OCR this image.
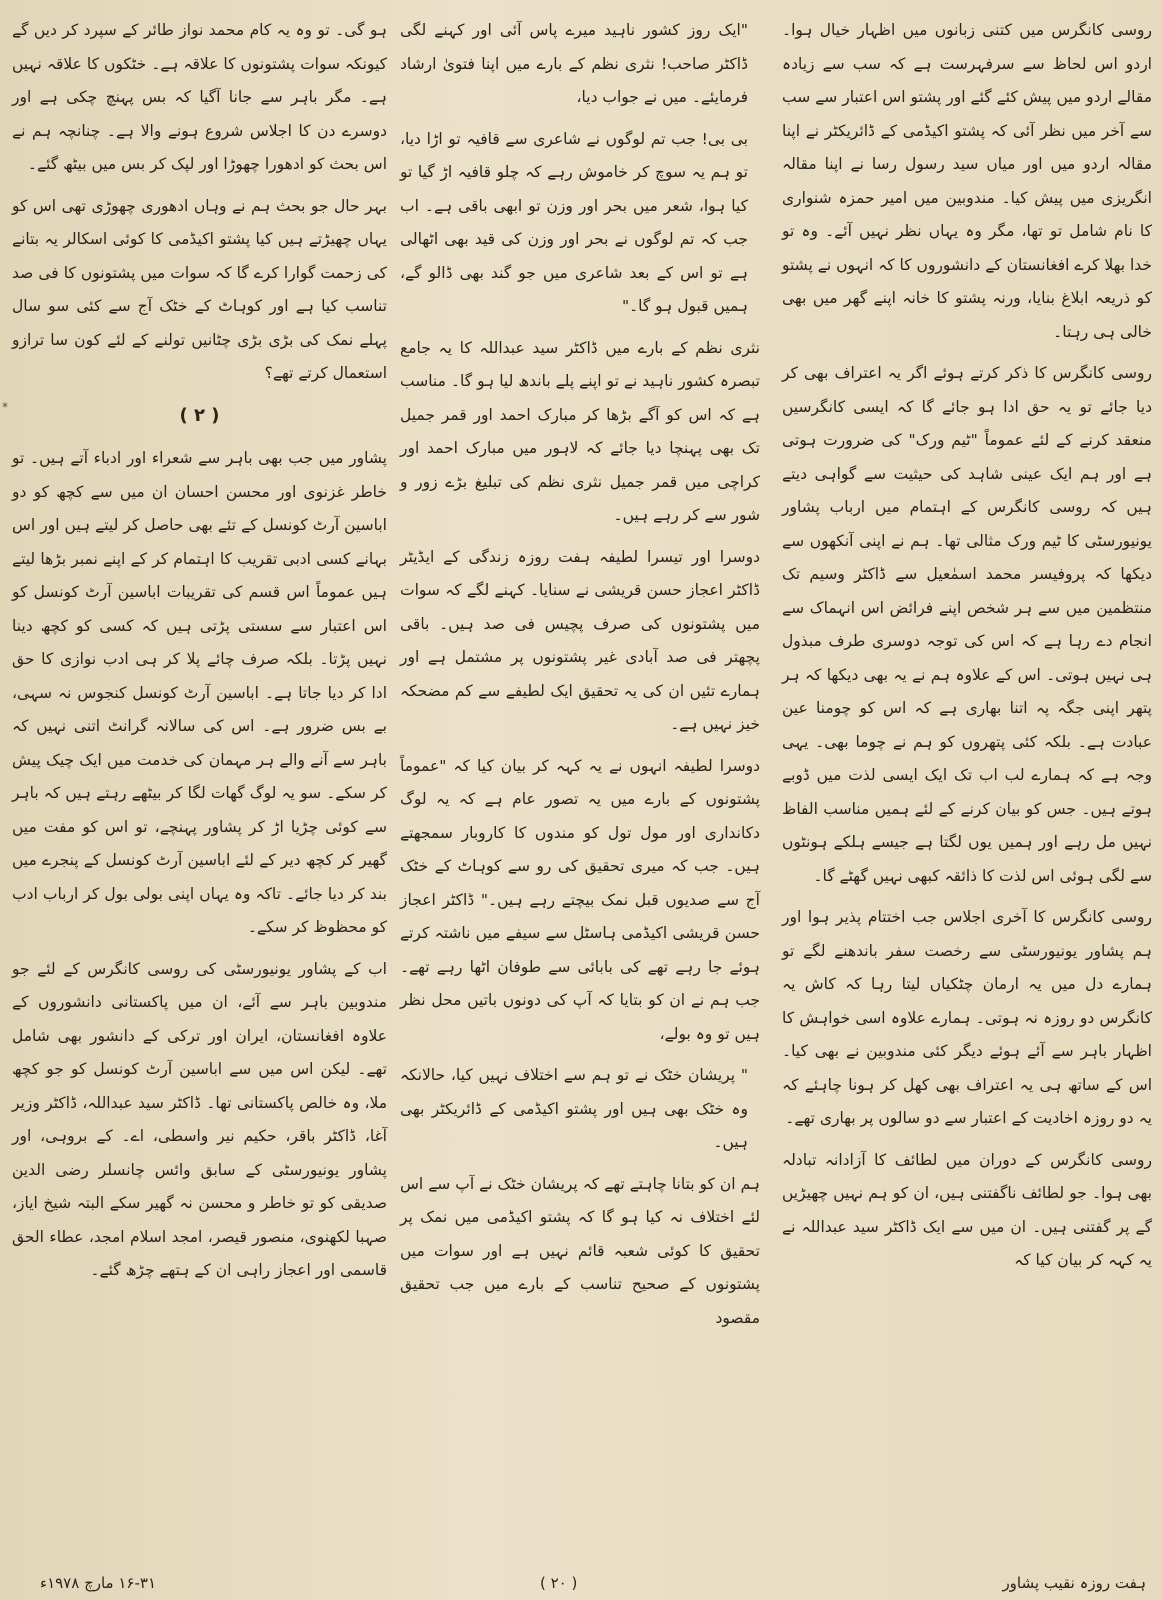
روسی کانگرس میں کتنی زبانوں میں اظہار خیال ہوا۔ اردو اس لحاظ سے سرفہرست ہے کہ سب سے زیادہ مقالے اردو میں پیش کئے گئے اور پشتو اس اعتبار سے سب سے آخر میں نظر آئی کہ پشتو اکیڈمی کے ڈائریکٹر نے اپنا مقالہ اردو میں اور میاں سید رسول رسا نے اپنا مقالہ انگریزی میں پیش کیا۔ مندوبین میں امیر حمزہ شنواری کا نام شامل تو تھا، مگر وہ یہاں نظر نہیں آئے۔ وہ تو خدا بھلا کرے افغانستان کے دانشوروں کا کہ انہوں نے پشتو کو ذریعہ ابلاغ بنایا، ورنہ پشتو کا خانہ اپنے گھر میں بھی خالی ہی رہتا۔

روسی کانگرس کا ذکر کرتے ہوئے اگر یہ اعتراف بھی کر دیا جائے تو یہ حق ادا ہو جائے گا کہ ایسی کانگرسیں منعقد کرنے کے لئے عموماً "ٹیم ورک" کی ضرورت ہوتی ہے اور ہم ایک عینی شاہد کی حیثیت سے گواہی دیتے ہیں کہ روسی کانگرس کے اہتمام میں ارباب پشاور یونیورسٹی کا ٹیم ورک مثالی تھا۔ ہم نے اپنی آنکھوں سے دیکھا کہ پروفیسر محمد اسمٰعیل سے ڈاکٹر وسیم تک منتظمین میں سے ہر شخص اپنے فرائض اس انہماک سے انجام دے رہا ہے کہ اس کی توجہ دوسری طرف مبذول ہی نہیں ہوتی۔ اس کے علاوہ ہم نے یہ بھی دیکھا کہ ہر پتھر اپنی جگہ پہ اتنا بھاری ہے کہ اس کو چومنا عین عبادت ہے۔ بلکہ کئی پتھروں کو ہم نے چوما بھی۔ یہی وجہ ہے کہ ہمارے لب اب تک ایک ایسی لذت میں ڈوبے ہوتے ہیں۔ جس کو بیان کرنے کے لئے ہمیں مناسب الفاظ نہیں مل رہے اور ہمیں یوں لگتا ہے جیسے ہلکے ہونٹوں سے لگی ہوئی اس لذت کا ذائقہ کبھی نہیں گھٹے گا۔

روسی کانگرس کا آخری اجلاس جب اختتام پذیر ہوا اور ہم پشاور یونیورسٹی سے رخصت سفر باندھنے لگے تو ہمارے دل میں یہ ارمان چٹکیاں لیتا رہا کہ کاش یہ کانگرس دو روزہ نہ ہوتی۔ ہمارے علاوہ اسی خواہش کا اظہار باہر سے آئے ہوئے دیگر کئی مندوبین نے بھی کیا۔ اس کے ساتھ ہی یہ اعتراف بھی کھل کر ہونا چاہئے کہ یہ دو روزہ اخادیت کے اعتبار سے دو سالوں پر بھاری تھے۔

روسی کانگرس کے دوران میں لطائف کا آزادانہ تبادلہ بھی ہوا۔ جو لطائف ناگفتنی ہیں، ان کو ہم نہیں چھیڑیں گے پر گفتنی ہیں۔ ان میں سے ایک ڈاکٹر سید عبداللہ نے یہ کہہ کر بیان کیا کہ

"ایک روز کشور ناہید میرے پاس آئی اور کہنے لگی ڈاکٹر صاحب! نثری نظم کے بارے میں اپنا فتویٰ ارشاد فرمایئے۔ میں نے جواب دیا،

بی بی! جب تم لوگوں نے شاعری سے قافیہ تو اڑا دیا، تو ہم یہ سوچ کر خاموش رہے کہ چلو قافیہ اڑ گیا تو کیا ہوا، شعر میں بحر اور وزن تو ابھی باقی ہے۔ اب جب کہ تم لوگوں نے بحر اور وزن کی قید بھی اٹھالی ہے تو اس کے بعد شاعری میں جو گند بھی ڈالو گے، ہمیں قبول ہو گا۔"

نثری نظم کے بارے میں ڈاکٹر سید عبداللہ کا یہ جامع تبصرہ کشور ناہید نے تو اپنے پلے باندھ لیا ہو گا۔ مناسب ہے کہ اس کو آگے بڑھا کر مبارک احمد اور قمر جمیل تک بھی پہنچا دیا جائے کہ لاہور میں مبارک احمد اور کراچی میں قمر جمیل نثری نظم کی تبلیغ بڑے زور و شور سے کر رہے ہیں۔

دوسرا اور تیسرا لطیفہ ہفت روزہ زندگی کے ایڈیٹر ڈاکٹر اعجاز حسن قریشی نے سنایا۔ کہنے لگے کہ سوات میں پشتونوں کی صرف پچیس فی صد ہیں۔ باقی پچھتر فی صد آبادی غیر پشتونوں پر مشتمل ہے اور ہمارے تئیں ان کی یہ تحقیق ایک لطیفے سے کم مضحکہ خیز نہیں ہے۔

دوسرا لطیفہ انہوں نے یہ کہہ کر بیان کیا کہ "عموماً پشتونوں کے بارے میں یہ تصور عام ہے کہ یہ لوگ دکانداری اور مول تول کو مندوں کا کاروبار سمجھتے ہیں۔ جب کہ میری تحقیق کی رو سے کوہاٹ کے خٹک آج سے صدیوں قبل نمک بیچتے رہے ہیں۔" ڈاکٹر اعجاز حسن قریشی اکیڈمی ہاسٹل سے سیفے میں ناشتہ کرتے ہوئے جا رہے تھے کی بابائی سے طوفان اٹھا رہے تھے۔ جب ہم نے ان کو بتایا کہ آپ کی دونوں باتیں محل نظر ہیں تو وہ بولے،

" پریشان خٹک نے تو ہم سے اختلاف نہیں کیا، حالانکہ وہ خٹک بھی ہیں اور پشتو اکیڈمی کے ڈائریکٹر بھی ہیں۔

ہم ان کو بتانا چاہتے تھے کہ پریشان خٹک نے آپ سے اس لئے اختلاف نہ کیا ہو گا کہ پشتو اکیڈمی میں نمک پر تحقیق کا کوئی شعبہ قائم نہیں ہے اور سوات میں پشتونوں کے صحیح تناسب کے بارے میں جب تحقیق مقصود

ہو گی۔ تو وہ یہ کام محمد نواز طائر کے سپرد کر دیں گے کیونکہ سوات پشتونوں کا علاقہ ہے۔ خٹکوں کا علاقہ نہیں ہے۔ مگر باہر سے جانا آگیا کہ بس پہنچ چکی ہے اور دوسرے دن کا اجلاس شروع ہونے والا ہے۔ چنانچہ ہم نے اس بحث کو ادھورا چھوڑا اور لپک کر بس میں بیٹھ گئے۔

بہر حال جو بحث ہم نے وہاں ادھوری چھوڑی تھی اس کو یہاں چھیڑتے ہیں کیا پشتو اکیڈمی کا کوئی اسکالر یہ بتانے کی زحمت گوارا کرے گا کہ سوات میں پشتونوں کا فی صد تناسب کیا ہے اور کوہاٹ کے خٹک آج سے کئی سو سال پہلے نمک کی بڑی بڑی چٹانیں تولنے کے لئے کون سا ترازو استعمال کرتے تھے؟

( ۲ )

پشاور میں جب بھی باہر سے شعراء اور ادباء آتے ہیں۔ تو خاطر غزنوی اور محسن احسان ان میں سے کچھ کو دو اباسین آرٹ کونسل کے تئے بھی حاصل کر لیتے ہیں اور اس بہانے کسی ادبی تقریب کا اہتمام کر کے اپنے نمبر بڑھا لیتے ہیں عموماً اس قسم کی تقریبات اباسین آرٹ کونسل کو اس اعتبار سے سستی پڑتی ہیں کہ کسی کو کچھ دینا نہیں پڑتا۔ بلکہ صرف چائے پلا کر ہی ادب نوازی کا حق ادا کر دیا جاتا ہے۔ اباسین آرٹ کونسل کنجوس نہ سہی، بے بس ضرور ہے۔ اس کی سالانہ گرانٹ اتنی نہیں کہ باہر سے آنے والے ہر مہمان کی خدمت میں ایک چیک پیش کر سکے۔ سو یہ لوگ گھات لگا کر بیٹھے رہتے ہیں کہ باہر سے کوئی چڑیا اڑ کر پشاور پہنچے، تو اس کو مفت میں گھیر کر کچھ دیر کے لئے اباسین آرٹ کونسل کے پنجرے میں بند کر دیا جائے۔ تاکہ وہ یہاں اپنی بولی بول کر ارباب ادب کو محظوظ کر سکے۔

اب کے پشاور یونیورسٹی کی روسی کانگرس کے لئے جو مندوبین باہر سے آئے، ان میں پاکستانی دانشوروں کے علاوہ افغانستان، ایران اور ترکی کے دانشور بھی شامل تھے۔ لیکن اس میں سے اباسین آرٹ کونسل کو جو کچھ ملا، وہ خالص پاکستانی تھا۔ ڈاکٹر سید عبداللہ، ڈاکٹر وزیر آغا، ڈاکٹر باقر، حکیم نیر واسطی، اے۔ کے بروہی، اور پشاور یونیورسٹی کے سابق وائس چانسلر رضی الدین صدیقی کو تو خاطر و محسن نہ گھیر سکے البتہ شیخ ایاز، صہبا لکھنوی، منصور قیصر، امجد اسلام امجد، عطاء الحق قاسمی اور اعجاز راہی ان کے ہتھے چڑھ گئے۔

*
ہفت روزہ نقیب پشاور
( ۲۰ )
۱۶-۳۱ مارچ ۱۹۷۸ء
